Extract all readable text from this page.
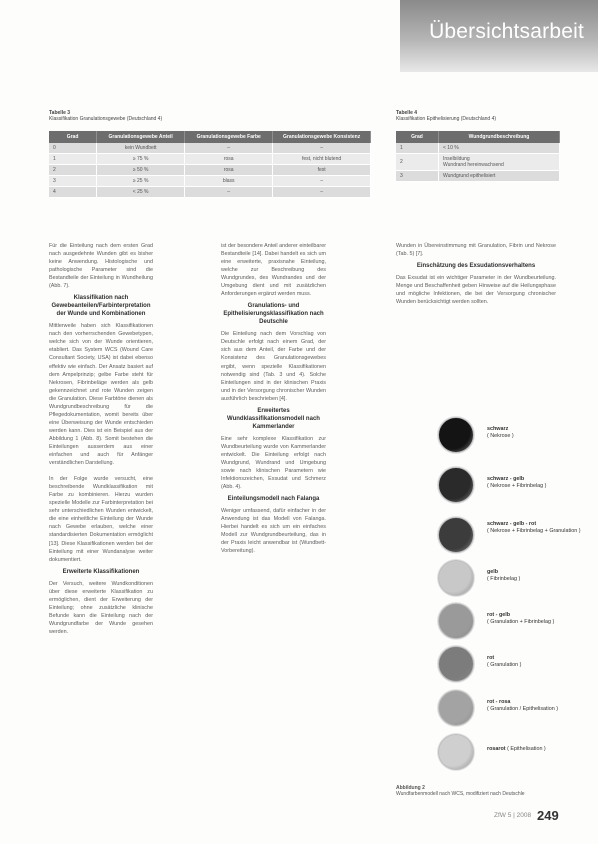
Übersichtsarbeit
Tabelle 3
Klassifikation Granulationsgewebe (Deutschland 4)
Grad	Granulationsgewebe Anteil	Granulationsgewebe Farbe	Granulationsgewebe Konsistenz
0	kein Wundbett	–	–
1	≥ 75 %	rosa	fest, nicht blutend
2	≥ 50 %	rosa	fest
3	≥ 25 %	blass	–
4	< 25 %	–	–
Tabelle 4
Klassifikation Epithelisierung (Deutschland 4)
Grad	Wundgrundbeschreibung
1	< 10 %
2	Inselbildung
Wundrand hereinwachsend
3	Wundgrund epithelisiert

Für die Einteilung nach dem ersten Grad nach ausgedehnte Wunden gibt es bisher keine Anwendung. Histologische und pathologische Parameter sind die Bestandteile der Einteilung in Wundheilung (Abb. 7).

Klassifikation nach Gewebeanteilen/Farbinterpretation der Wunde und Kombinationen

Mittlerweile haben sich Klassifikationen nach den vorherrschenden Gewebetypen, welche sich von der Wunde orientieren, etabliert. Das System WCS (Wound Care Consultant Society, USA) ist dabei ebenso effektiv wie einfach. Der Ansatz basiert auf dem Ampelprinzip; gelbe Farbe steht für Nekrosen, Fibrinbeläge werden als gelb gekennzeichnet und rote Wunden zeigen die Granulation. Diese Farbtöne dienen als Wundgrundbeschreibung für die Pflegedokumentation, womit bereits über eine Überweisung der Wunde entschieden werden kann. Dies ist ein Beispiel aus der Abbildung 1 (Abb. 8). Somit bestehen die Einteilungen ausserdem aus einer einfachen und auch für Anfänger verständlichen Darstellung.

In der Folge wurde versucht, eine beschreibende Wundklassifikation mit Farbe zu kombinieren. Hierzu wurden spezielle Modelle zur Farbinterpretation bei sehr unterschiedlichen Wunden entwickelt, die eine einheitliche Einteilung der Wunde nach Gewebe erlauben, welche einer standardisierten Dokumentation ermöglicht [13]. Diese Klassifikationen werden bei der Einteilung mit einer Wundanalyse weiter dokumentiert.

Erweiterte Klassifikationen

Der Versuch, weitere Wundkonditionen über diese erweiterte Klassifikation zu ermöglichen, dient der Erweiterung der Einteilung; ohne zusätzliche klinische Befunde kann die Einteilung nach der Wundgrundfarbe der Wunde gesehen werden.

ist der besondere Anteil anderer einteilbarer Bestandteile [14]. Dabei handelt es sich um eine erweiterte, praxisnahe Einteilung, welche zur Beschreibung des Wundgrundes, des Wundrandes und der Umgebung dient und mit zusätzlichen Anforderungen ergänzt werden muss.

Granulations- und Epithelisierungsklassifikation nach Deutschle

Die Einteilung nach dem Vorschlag von Deutschle erfolgt nach einem Grad, der sich aus dem Anteil, der Farbe und der Konsistenz des Granulationsgewebes ergibt, wenn spezielle Klassifikationen notwendig sind (Tab. 3 und 4). Solche Einteilungen sind in der klinischen Praxis und in der Versorgung chronischer Wunden ausführlich beschrieben [4].

Erweitertes Wundklassifikationsmodell nach Kammerlander

Eine sehr komplexe Klassifikation zur Wundbeurteilung wurde von Kammerlander entwickelt. Die Einteilung erfolgt nach Wundgrund, Wundrand und Umgebung sowie nach klinischen Parametern wie Infektionszeichen, Exsudat und Schmerz (Abb. 4).

Einteilungsmodell nach Falanga

Weniger umfassend, dafür einfacher in der Anwendung ist das Modell von Falanga. Hierbei handelt es sich um ein einfaches Modell zur Wundgrundbeurteilung, das in der Praxis leicht anwendbar ist (Wundbett-Vorbereitung).

Wunden in Übereinstimmung mit Granulation, Fibrin und Nekrose (Tab. 5) [7].

Einschätzung des Exsudationsverhaltens

Das Exsudat ist ein wichtiger Parameter in der Wundbeurteilung. Menge und Beschaffenheit geben Hinweise auf die Heilungsphase und mögliche Infektionen, die bei der Versorgung chronischer Wunden berücksichtigt werden sollten.

schwarz
( Nekrose )
schwarz - gelb
( Nekrose + Fibrinbelag )
schwarz - gelb - rot
( Nekrose + Fibrinbelag + Granulation )
gelb
( Fibrinbelag )
rot - gelb
( Granulation + Fibrinbelag )
rot
( Granulation )
rot - rosa
( Granulation / Epithelisation )
rosarot ( Epithelisation )
Abbildung 2
Wundfarbenmodell nach WCS, modifiziert nach Deutschle
ZfW 5 | 2008 249
